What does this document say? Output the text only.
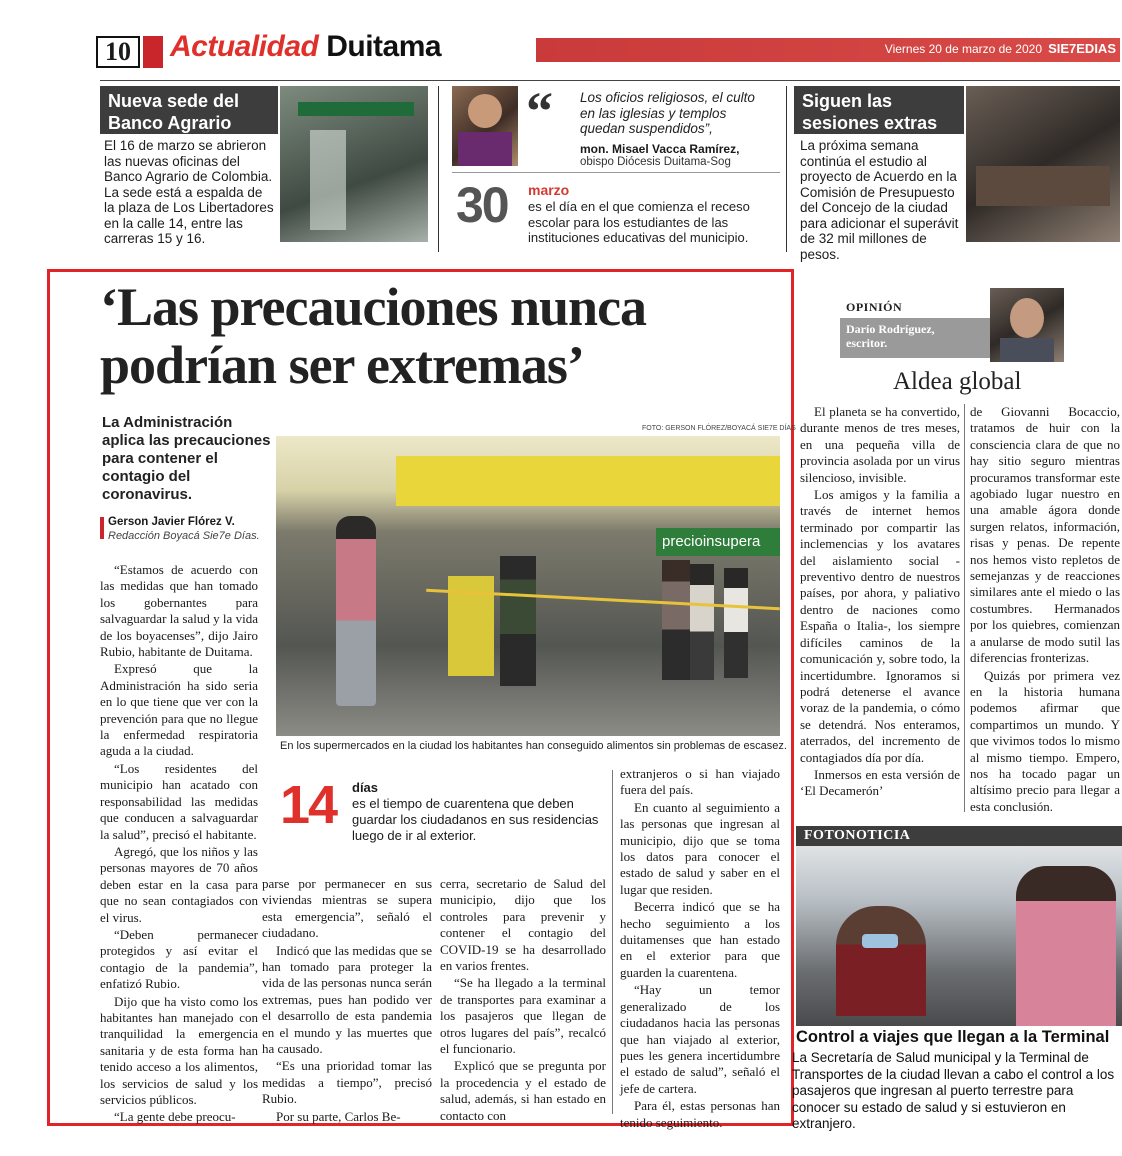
10	Actualidad Duitama	Viernes 20 de marzo de 2020 SIE7EDIAS
Nueva sede del Banco Agrario
El 16 de marzo se abrieron las nuevas oficinas del Banco Agrario de Colombia. La sede está a espalda de la plaza de Los Libertadores en la calle 14, entre las carreras 15 y 16.
“ Los oficios religiosos, el culto en las iglesias y templos quedan suspendidos”,
mon. Misael Vacca Ramírez,
obispo Diócesis Duitama-Sog
30 marzo
es el día en el que comienza el receso escolar para los estudiantes de las instituciones educativas del municipio.
Siguen las sesiones extras
La próxima semana continúa el estudio al proyecto de Acuerdo en la Comisión de Presupuesto del Concejo de la ciudad para adicionar el superávit de 32 mil millones de pesos.
‘Las precauciones nunca podrían ser extremas’
La Administración aplica las precauciones para contener el contagio del coronavirus.
Gerson Javier Flórez V.
Redacción Boyacá Sie7e Días.
FOTO: GERSON FLÓREZ/BOYACÁ SIE7E DÍAS
precioinsupera
En los supermercados en la ciudad los habitantes han conseguido alimentos sin problemas de escasez.

“Estamos de acuerdo con las medidas que han tomado los gobernantes para salvaguardar la salud y la vida de los boyacenses”, dijo Jairo Rubio, habitante de Duitama.

Expresó que la Administración ha sido seria en lo que tiene que ver con la prevención para que no llegue la enfermedad respiratoria aguda a la ciudad.

“Los residentes del municipio han acatado con responsabilidad las medidas que conducen a salvaguardar la salud”, precisó el habitante.

Agregó, que los niños y las personas mayores de 70 años deben estar en la casa para que no sean contagiados con el virus.

“Deben permanecer protegidos y así evitar el contagio de la pandemia”, enfatizó Rubio.

Dijo que ha visto como los habitantes han manejado con tranquilidad la emergencia sanitaria y de esta forma han tenido acceso a los alimentos, los servicios de salud y los servicios públicos.

“La gente debe preocu-

14 días
es el tiempo de cuarentena que deben guardar los ciudadanos en sus residencias luego de ir al exterior.

parse por permanecer en sus viviendas mientras se supera esta emergencia”, señaló el ciudadano.

Indicó que las medidas que se han tomado para proteger la vida de las personas nunca serán extremas, pues han podido ver el desarrollo de esta pandemia en el mundo y las muertes que ha causado.

“Es una prioridad tomar las medidas a tiempo”, precisó Rubio.

Por su parte, Carlos Be-

cerra, secretario de Salud del municipio, dijo que los controles para prevenir y contener el contagio del COVID-19 se ha desarrollado en varios frentes.

“Se ha llegado a la terminal de transportes para examinar a los pasajeros que llegan de otros lugares del país”, recalcó el funcionario.

Explicó que se pregunta por la procedencia y el estado de salud, además, si han estado en contacto con

extranjeros o si han viajado fuera del país.

En cuanto al seguimiento a las personas que ingresan al municipio, dijo que se toma los datos para conocer el estado de salud y saber en el lugar que residen.

Becerra indicó que se ha hecho seguimiento a los duitamenses que han estado en el exterior para que guarden la cuarentena.

“Hay un temor generalizado de los ciudadanos hacia las personas que han viajado al exterior, pues les genera incertidumbre el estado de salud”, señaló el jefe de cartera.

Para él, estas personas han tenido seguimiento.

OPINIÓN
Darío Rodríguez,
escritor.
Aldea global

El planeta se ha convertido, durante menos de tres meses, en una pequeña villa de provincia asolada por un virus silencioso, invisible.

Los amigos y la familia a través de internet hemos terminado por compartir las inclemencias y los avatares del aislamiento social -preventivo dentro de nuestros países, por ahora, y paliativo dentro de naciones como España o Italia-, los siempre difíciles caminos de la comunicación y, sobre todo, la incertidumbre. Ignoramos si podrá detenerse el avance voraz de la pandemia, o cómo se detendrá. Nos enteramos, aterrados, del incremento de contagiados día por día.

Inmersos en esta versión de ‘El Decamerón’

de Giovanni Bocaccio, tratamos de huir con la consciencia clara de que no hay sitio seguro mientras procuramos transformar este agobiado lugar nuestro en una amable ágora donde surgen relatos, información, risas y penas. De repente nos hemos visto repletos de semejanzas y de reacciones similares ante el miedo o las costumbres. Hermanados por los quiebres, comienzan a anularse de modo sutil las diferencias fronterizas.

Quizás por primera vez en la historia humana podemos afirmar que compartimos un mundo. Y que vivimos todos lo mismo al mismo tiempo. Empero, nos ha tocado pagar un altísimo precio para llegar a esta conclusión.

FOTONOTICIA
Control a viajes que llegan a la Terminal
La Secretaría de Salud municipal y la Terminal de Transportes de la ciudad llevan a cabo el control a los pasajeros que ingresan al puerto terrestre para conocer su estado de salud y si estuvieron en extranjero.
